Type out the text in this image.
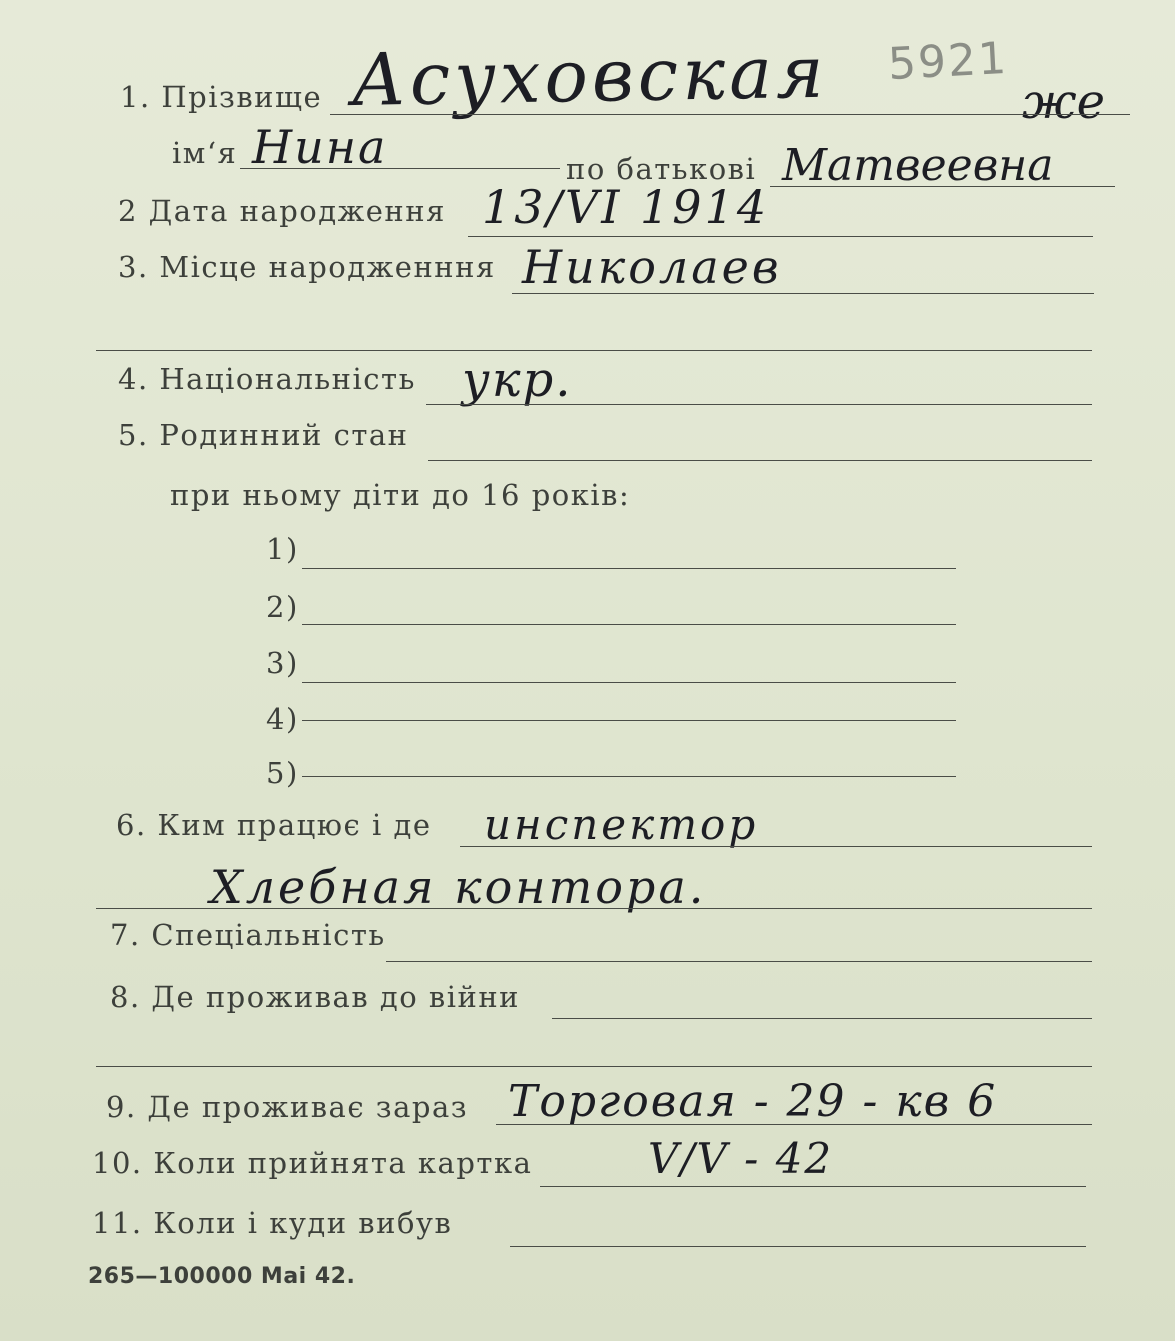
5921
1. Прізвище Асуховская	же
ім‘я Нина	по батькові Матвеевна
2 Дата народження 13/VI 1914
3. Місце народженння Николаев
4. Національність укр.
5. Родинний стан
при ньому діти до 16 років:
1)
2)
3)
4)
5)
6. Ким працює і де инспектор
Хлебная контора.
7. Спеціальність
8. Де проживав до війни
9. Де проживає зараз Торговая - 29 - кв 6
10. Коли прийнята картка	V/V - 42
11. Коли і куди вибув
265—100000 Mai 42.
